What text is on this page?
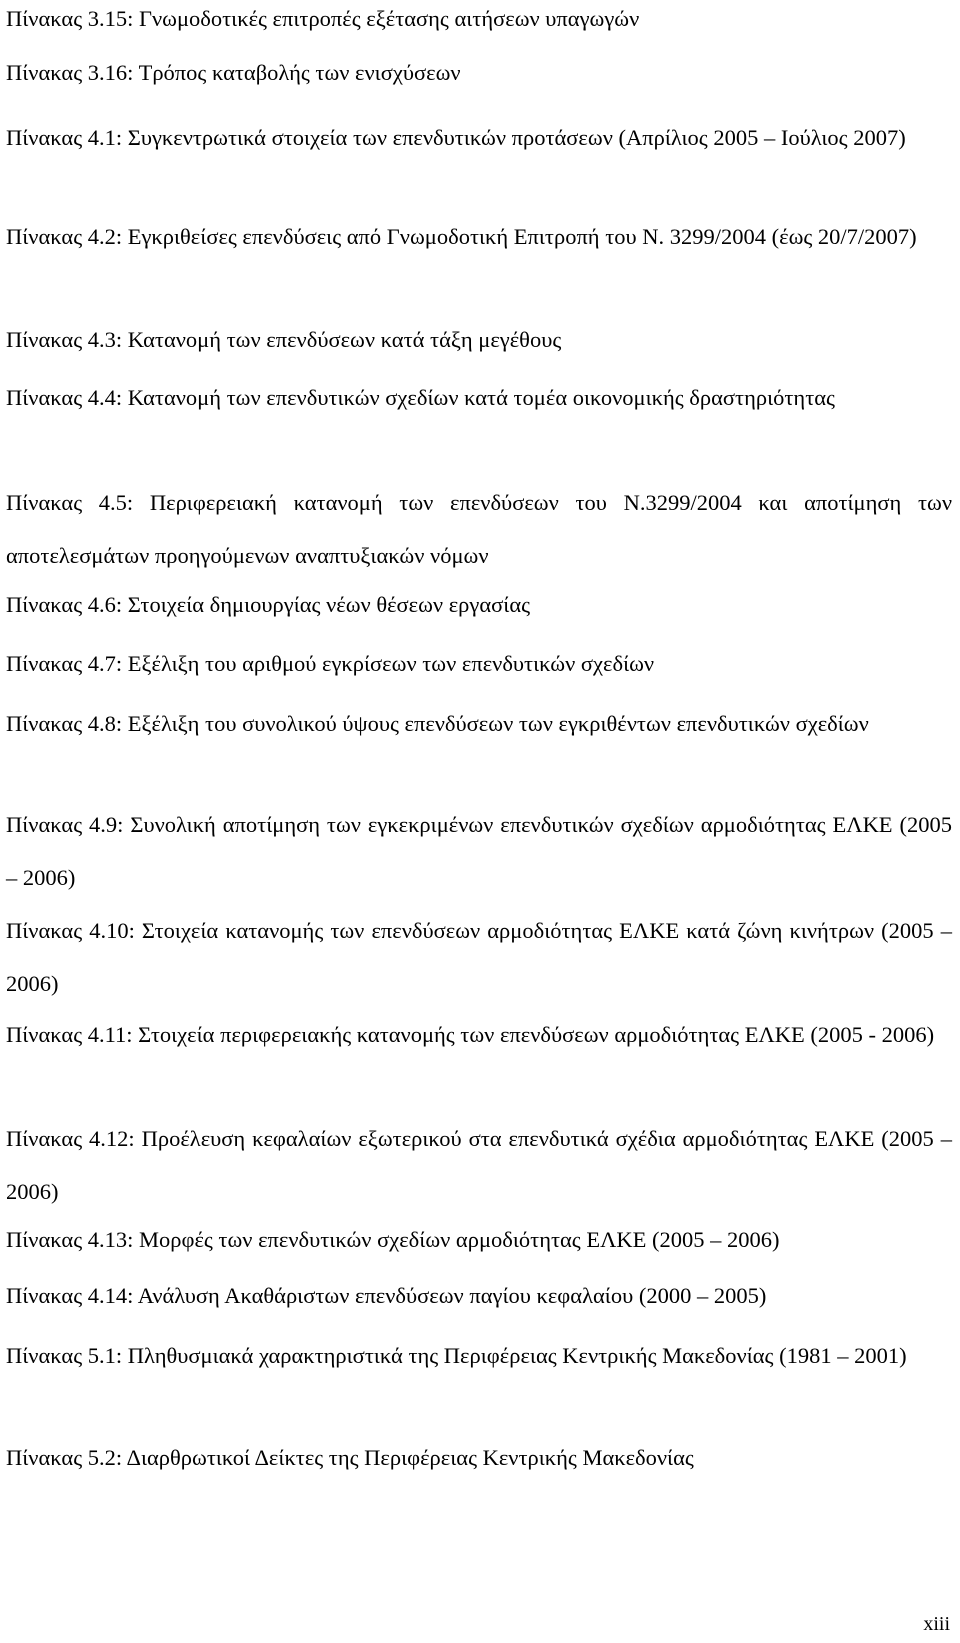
Πίνακας 3.15: Γνωμοδοτικές επιτροπές εξέτασης αιτήσεων υπαγωγών
Πίνακας 3.16: Τρόπος καταβολής των ενισχύσεων
Πίνακας 4.1: Συγκεντρωτικά στοιχεία των επενδυτικών προτάσεων (Απρίλιος 2005 – Ιούλιος 2007)
Πίνακας 4.2: Εγκριθείσες επενδύσεις από Γνωμοδοτική Επιτροπή του Ν. 3299/2004 (έως 20/7/2007)
Πίνακας 4.3: Κατανομή των επενδύσεων κατά τάξη μεγέθους
Πίνακας 4.4: Κατανομή των επενδυτικών σχεδίων κατά τομέα οικονομικής δραστηριότητας
Πίνακας 4.5: Περιφερειακή κατανομή των επενδύσεων του Ν.3299/2004 και αποτίμηση των αποτελεσμάτων προηγούμενων αναπτυξιακών νόμων
Πίνακας 4.6: Στοιχεία δημιουργίας νέων θέσεων εργασίας
Πίνακας 4.7: Εξέλιξη του αριθμού εγκρίσεων των επενδυτικών σχεδίων
Πίνακας 4.8: Εξέλιξη του συνολικού ύψους επενδύσεων των εγκριθέντων επενδυτικών σχεδίων
Πίνακας 4.9: Συνολική αποτίμηση των εγκεκριμένων επενδυτικών σχεδίων αρμοδιότητας ΕΛΚΕ (2005 – 2006)
Πίνακας 4.10: Στοιχεία κατανομής των επενδύσεων αρμοδιότητας ΕΛΚΕ κατά ζώνη κινήτρων (2005 – 2006)
Πίνακας 4.11: Στοιχεία περιφερειακής κατανομής των επενδύσεων αρμοδιότητας ΕΛΚΕ (2005 - 2006)
Πίνακας 4.12: Προέλευση κεφαλαίων εξωτερικού στα επενδυτικά σχέδια αρμοδιότητας ΕΛΚΕ (2005 – 2006)
Πίνακας 4.13: Μορφές των επενδυτικών σχεδίων αρμοδιότητας ΕΛΚΕ (2005 – 2006)
Πίνακας 4.14: Ανάλυση Ακαθάριστων επενδύσεων παγίου κεφαλαίου (2000 – 2005)
Πίνακας 5.1: Πληθυσμιακά χαρακτηριστικά της Περιφέρειας Κεντρικής Μακεδονίας (1981 – 2001)
Πίνακας 5.2: Διαρθρωτικοί Δείκτες της Περιφέρειας Κεντρικής Μακεδονίας
xiii
